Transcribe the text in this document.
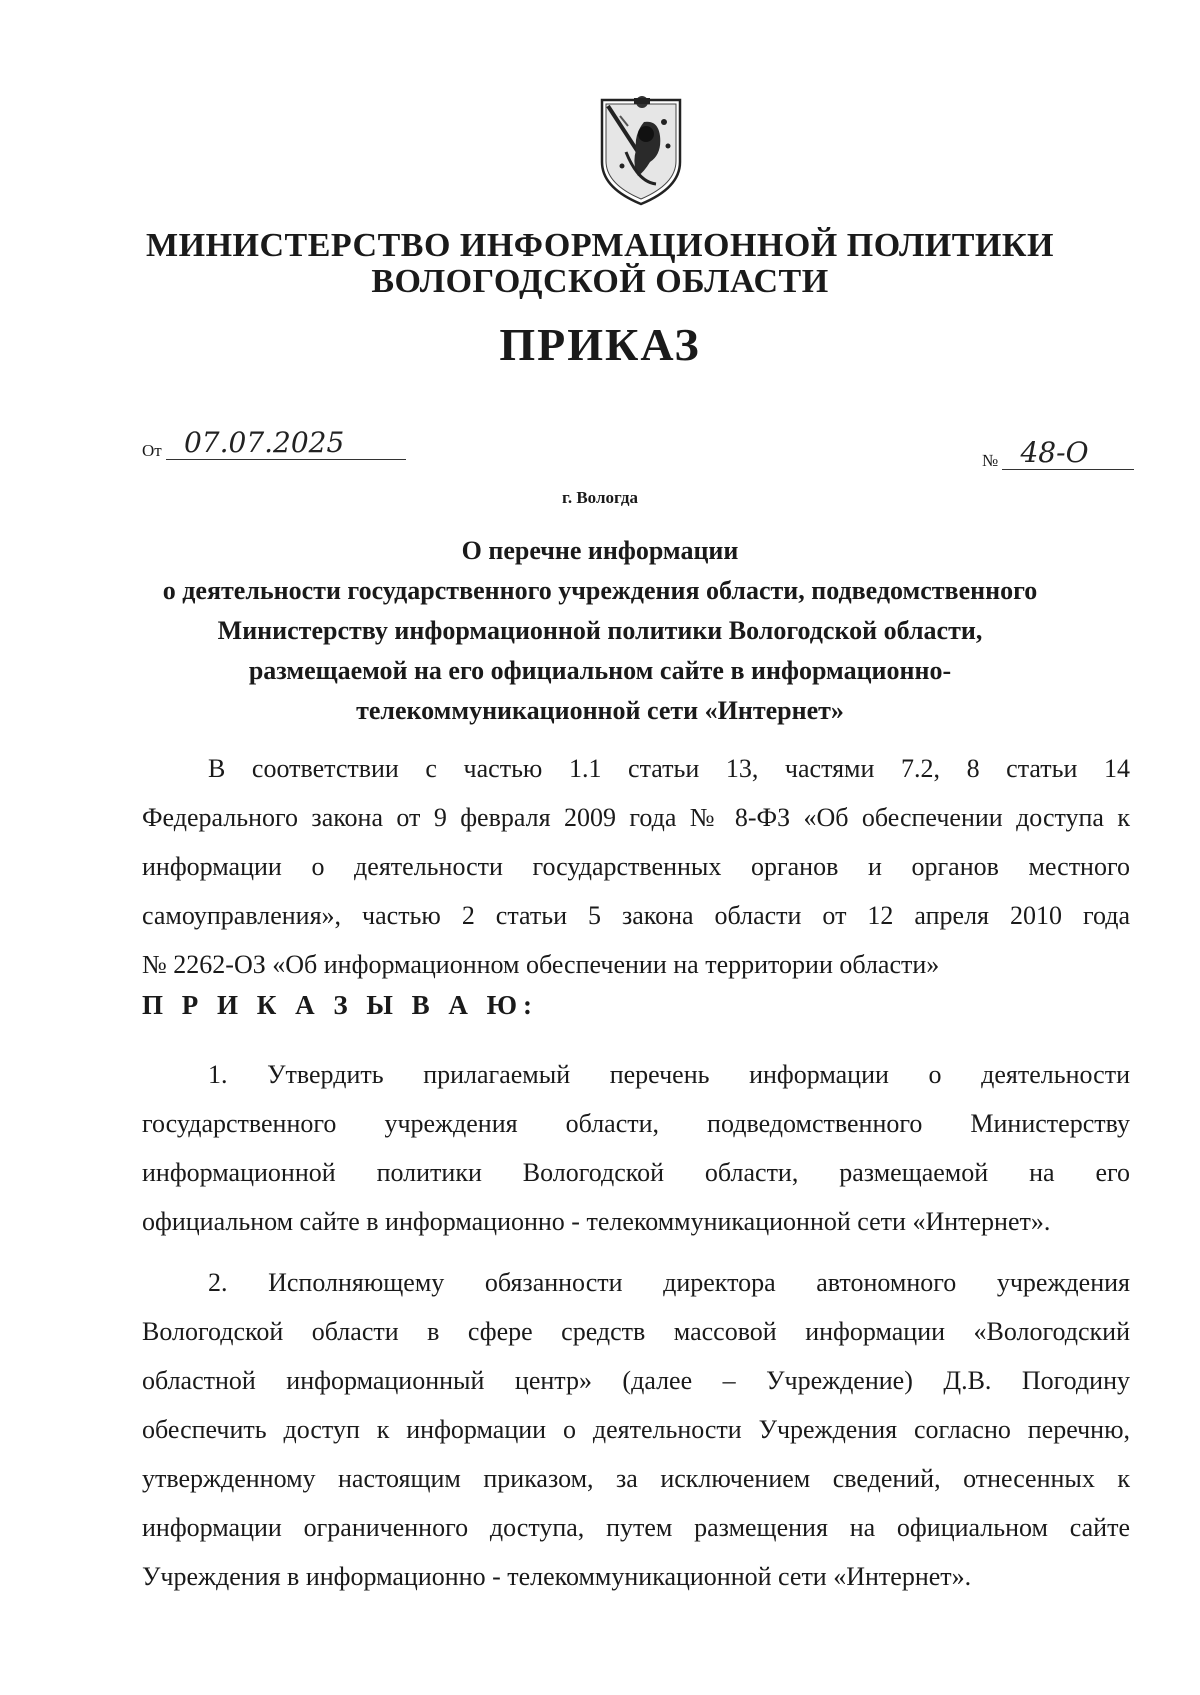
МИНИСТЕРСТВО ИНФОРМАЦИОННОЙ ПОЛИТИКИ
ВОЛОГОДСКОЙ ОБЛАСТИ
ПРИКАЗ
От 07.07.2025
№ 48-О
г. Вологда
О перечне информации
о деятельности государственного учреждения области, подведомственного
Министерству информационной политики Вологодской области,
размещаемой на его официальном сайте в информационно-
телекоммуникационной сети «Интернет»
В соответствии с частью 1.1 статьи 13, частями 7.2, 8 статьи 14
Федерального закона от 9 февраля 2009 года № 8-ФЗ «Об обеспечении доступа к
информации о деятельности государственных органов и органов местного
самоуправления», частью 2 статьи 5 закона области от 12 апреля 2010 года
№ 2262-ОЗ «Об информационном обеспечении на территории области»
П Р И К А З Ы В А Ю:
1. Утвердить прилагаемый перечень информации о деятельности
государственного учреждения области, подведомственного Министерству
информационной политики Вологодской области, размещаемой на его
официальном сайте в информационно - телекоммуникационной сети «Интернет».
2. Исполняющему обязанности директора автономного учреждения
Вологодской области в сфере средств массовой информации «Вологодский
областной информационный центр» (далее – Учреждение) Д.В. Погодину
обеспечить доступ к информации о деятельности Учреждения согласно перечню,
утвержденному настоящим приказом, за исключением сведений, отнесенных к
информации ограниченного доступа, путем размещения на официальном сайте
Учреждения в информационно - телекоммуникационной сети «Интернет».
